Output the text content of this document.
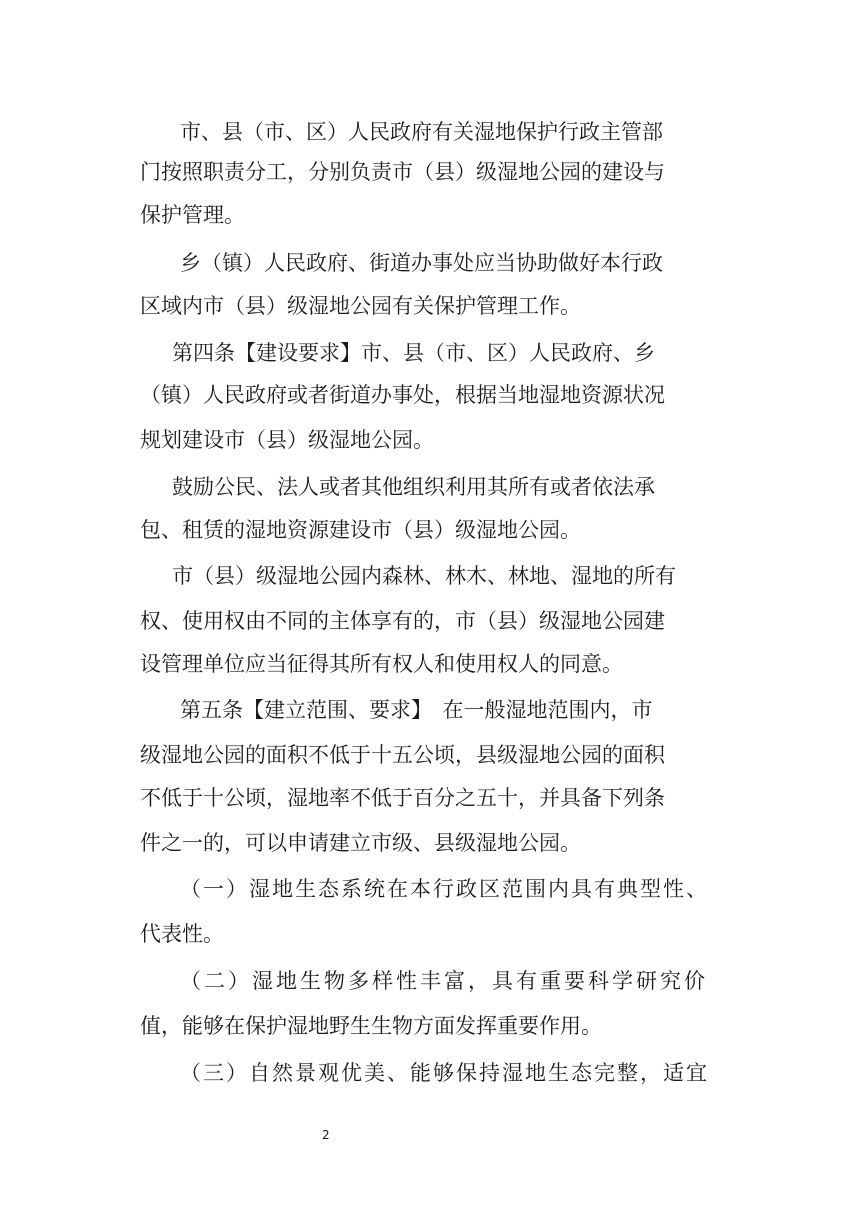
市、县（市、区）人民政府有关湿地保护行政主管部
门按照职责分工，分别负责市（县）级湿地公园的建设与
保护管理。
乡（镇）人民政府、街道办事处应当协助做好本行政
区域内市（县）级湿地公园有关保护管理工作。
第四条【建设要求】市、县（市、区）人民政府、乡
（镇）人民政府或者街道办事处，根据当地湿地资源状况
规划建设市（县）级湿地公园。
鼓励公民、法人或者其他组织利用其所有或者依法承
包、租赁的湿地资源建设市（县）级湿地公园。
市（县）级湿地公园内森林、林木、林地、湿地的所有
权、使用权由不同的主体享有的，市（县）级湿地公园建
设管理单位应当征得其所有权人和使用权人的同意。
第五条【建立范围、要求】　在一般湿地范围内，市
级湿地公园的面积不低于十五公顷，县级湿地公园的面积
不低于十公顷，湿地率不低于百分之五十，并具备下列条
件之一的，可以申请建立市级、县级湿地公园。
（一）湿地生态系统在本行政区范围内具有典型性、
代表性。
（二）湿地生物多样性丰富，具有重要科学研究价
值，能够在保护湿地野生生物方面发挥重要作用。
（三）自然景观优美、能够保持湿地生态完整，适宜
2
